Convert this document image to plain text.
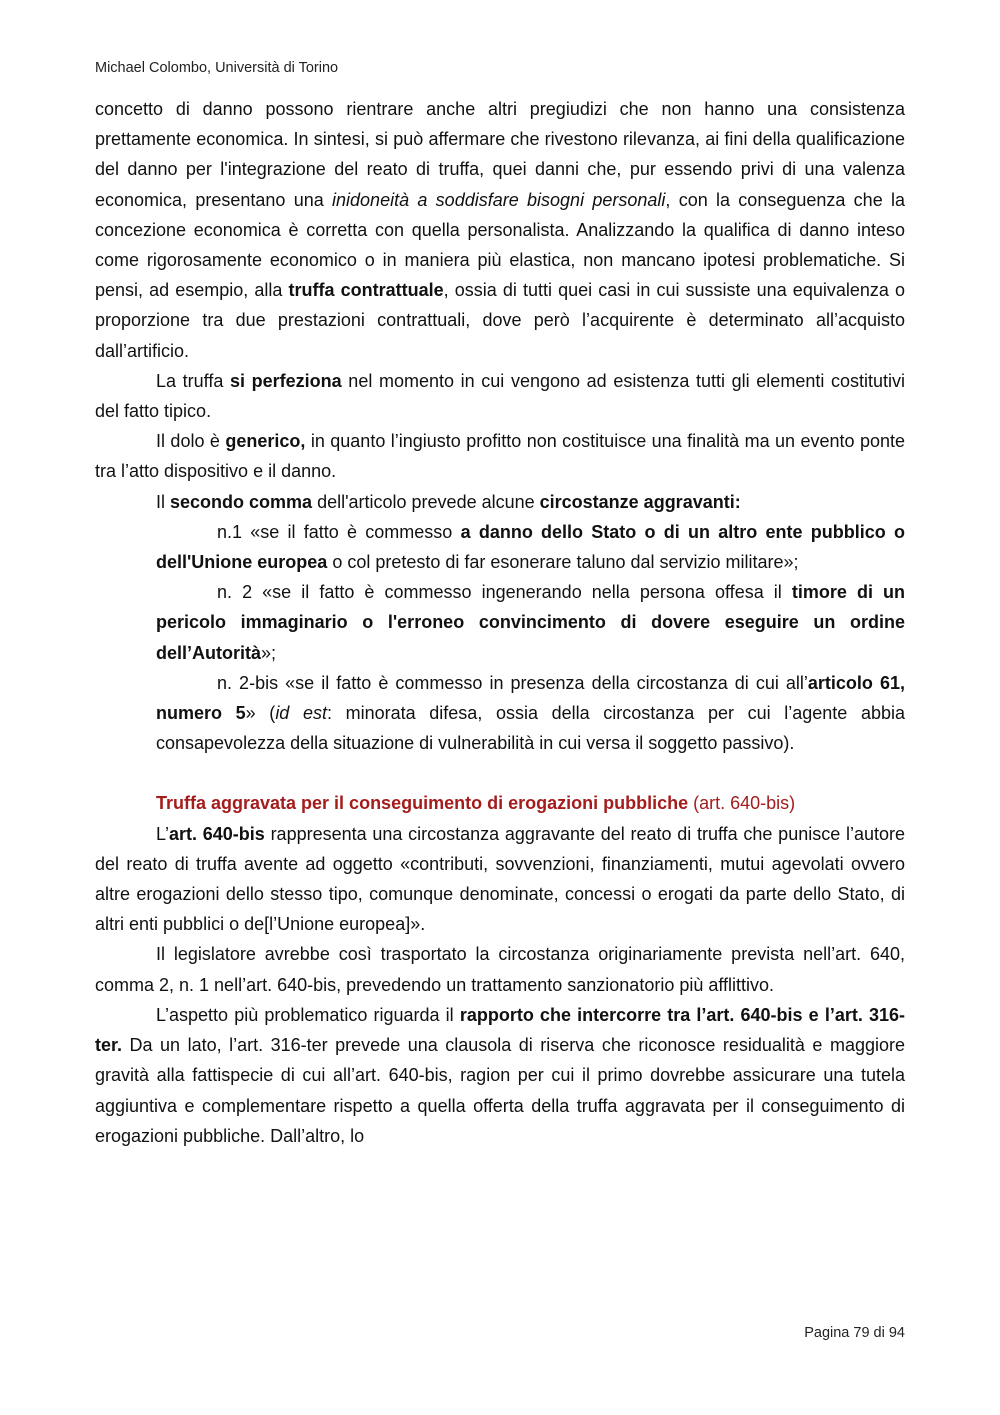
Michael Colombo, Università di Torino

concetto di danno possono rientrare anche altri pregiudizi che non hanno una consistenza prettamente economica. In sintesi, si può affermare che rivestono rilevanza, ai fini della qualificazione del danno per l'integrazione del reato di truffa, quei danni che, pur essendo privi di una valenza economica, presentano una inidoneità a soddisfare bisogni personali, con la conseguenza che la concezione economica è corretta con quella personalista. Analizzando la qualifica di danno inteso come rigorosamente economico o in maniera più elastica, non mancano ipotesi problematiche. Si pensi, ad esempio, alla truffa contrattuale, ossia di tutti quei casi in cui sussiste una equivalenza o proporzione tra due prestazioni contrattuali, dove però l’acquirente è determinato all’acquisto dall’artificio.

La truffa si perfeziona nel momento in cui vengono ad esistenza tutti gli elementi costitutivi del fatto tipico.

Il dolo è generico, in quanto l’ingiusto profitto non costituisce una finalità ma un evento ponte tra l’atto dispositivo e il danno.

Il secondo comma dell'articolo prevede alcune circostanze aggravanti:

n.1 «se il fatto è commesso a danno dello Stato o di un altro ente pubblico o dell'Unione europea o col pretesto di far esonerare taluno dal servizio militare»;

n. 2 «se il fatto è commesso ingenerando nella persona offesa il timore di un pericolo immaginario o l'erroneo convincimento di dovere eseguire un ordine dell’Autorità»;

n. 2-bis «se il fatto è commesso in presenza della circostanza di cui all’articolo 61, numero 5» (id est: minorata difesa, ossia della circostanza per cui l’agente abbia consapevolezza della situazione di vulnerabilità in cui versa il soggetto passivo).

Truffa aggravata per il conseguimento di erogazioni pubbliche (art. 640-bis)

L’art. 640-bis rappresenta una circostanza aggravante del reato di truffa che punisce l’autore del reato di truffa avente ad oggetto «contributi, sovvenzioni, finanziamenti, mutui agevolati ovvero altre erogazioni dello stesso tipo, comunque denominate, concessi o erogati da parte dello Stato, di altri enti pubblici o de[l’Unione europea]».

Il legislatore avrebbe così trasportato la circostanza originariamente prevista nell’art. 640, comma 2, n. 1 nell’art. 640-bis, prevedendo un trattamento sanzionatorio più afflittivo.

L’aspetto più problematico riguarda il rapporto che intercorre tra l’art. 640-bis e l’art. 316-ter. Da un lato, l’art. 316-ter prevede una clausola di riserva che riconosce residualità e maggiore gravità alla fattispecie di cui all’art. 640-bis, ragion per cui il primo dovrebbe assicurare una tutela aggiuntiva e complementare rispetto a quella offerta della truffa aggravata per il conseguimento di erogazioni pubbliche. Dall’altro, lo

Pagina 79 di 94
